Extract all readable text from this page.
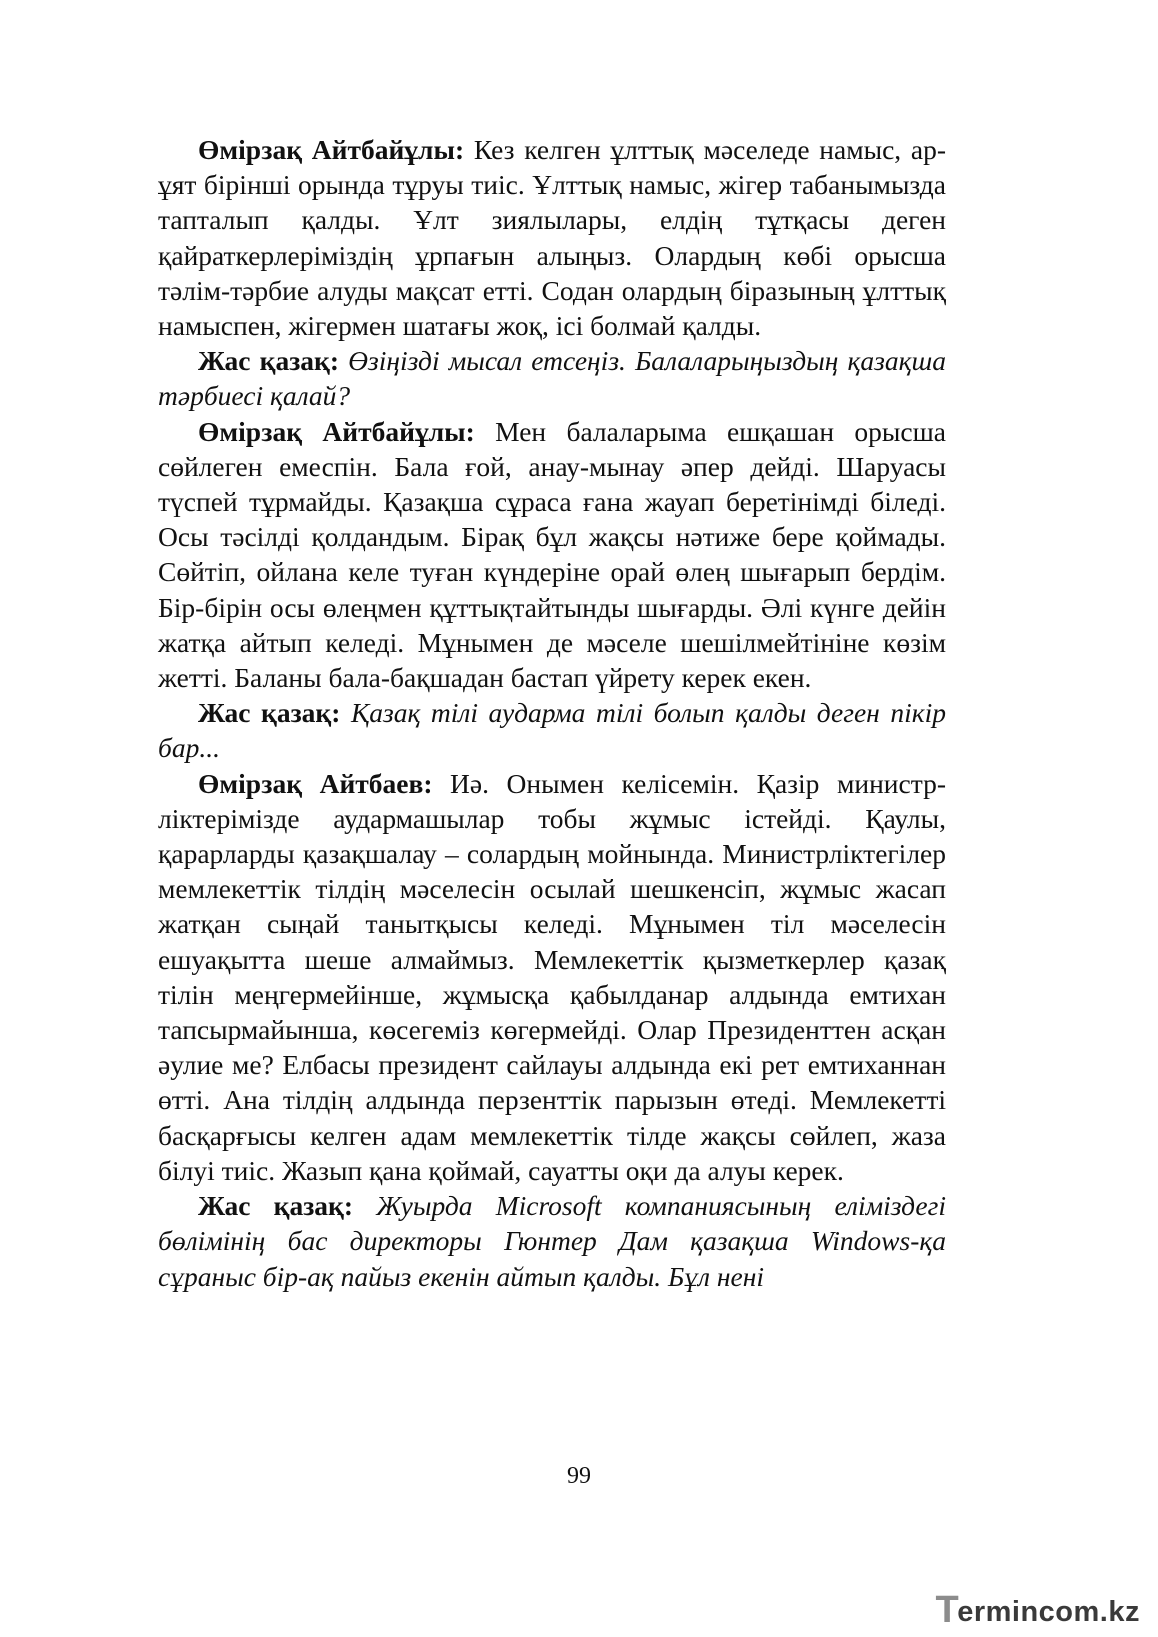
Өмірзақ Айтбайұлы: Кез келген ұлттық мәселеде намыс, ар-ұят бірінші орында тұруы тиіс. Ұлттық намыс, жігер табанымызда тапталып қалды. Ұлт зиялылары, елдің тұтқасы деген қайраткерлеріміздің ұрпағын алыңыз. Олардың көбі орысша тәлім-тәрбие алуды мақсат етті. Содан олардың біразының ұлттық намыспен, жігермен шатағы жоқ, ісі болмай қалды.

Жас қазақ: Өзіңізді мысал етсеңіз. Балаларыңыздың қазақша тәрбиесі қалай?

Өмірзақ Айтбайұлы: Мен балаларыма ешқашан орысша сөйлеген емеспін. Бала ғой, анау-мынау әпер дейді. Шаруасы түспей тұрмайды. Қазақша сұраса ғана жауап беретінімді біледі. Осы тәсілді қолдандым. Бірақ бұл жақсы нәтиже бере қоймады. Сөйтіп, ойлана келе туған күндеріне орай өлең шығарып бердім. Бір-бірін осы өлеңмен құттықтайтынды шығарды. Әлі күнге дейін жатқа айтып келеді. Мұнымен де мәселе шешілмейтініне көзім жетті. Баланы бала-бақшадан бастап үйрету керек екен.

Жас қазақ: Қазақ тілі аударма тілі болып қалды деген пікір бар...

Өмірзақ Айтбаев: Иә. Онымен келісемін. Қазір министрліктерімізде аудармашылар тобы жұмыс істейді. Қаулы, қарарларды қазақшалау – солардың мойнында. Министрліктегілер мемлекеттік тілдің мәселесін осылай шешкенсіп, жұмыс жасап жатқан сыңай танытқысы келеді. Мұнымен тіл мәселесін ешуақытта шеше алмаймыз. Мемлекеттік қызметкерлер қазақ тілін меңгермейінше, жұмысқа қабылданар алдында емтихан тапсырмайынша, көсегеміз көгермейді. Олар Президенттен асқан әулие ме? Елбасы президент сайлауы алдында екі рет емтиханнан өтті. Ана тілдің алдында перзенттік парызын өтеді. Мемлекетті басқарғысы келген адам мемлекеттік тілде жақсы сөйлеп, жаза білуі тиіс. Жазып қана қоймай, сауатты оқи да алуы керек.

Жас қазақ: Жуырда Microsoft компаниясының еліміздегі бөлімінің бас директоры Гюнтер Дам қазақша Windows-қа сұраныс бір-ақ пайыз екенін айтып қалды. Бұл нені

99
T
ermincom.kz
